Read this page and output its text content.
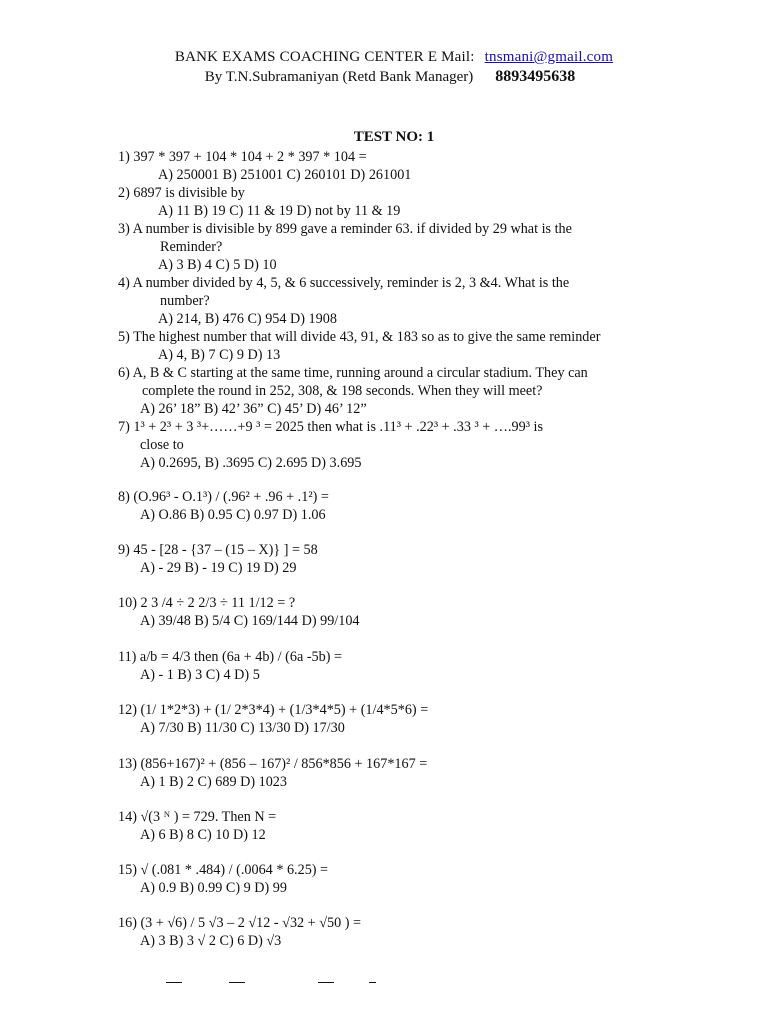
BANK EXAMS COACHING CENTER E Mail: tnsmani@gmail.com
By T.N.Subramaniyan (Retd Bank Manager) 8893495638
TEST NO: 1
1) 397 * 397 + 104 * 104 + 2 * 397 * 104 =
A) 250001 B) 251001 C) 260101 D) 261001
2) 6897 is divisible by
A) 11 B) 19 C) 11 & 19 D) not by 11 & 19
3) A number is divisible by 899 gave a reminder 63. if divided by 29 what is the
Reminder?
A) 3 B) 4 C) 5 D) 10
4) A number divided by 4, 5, & 6 successively, reminder is 2, 3 &4. What is the
number?
A) 214, B) 476 C) 954 D) 1908
5) The highest number that will divide 43, 91, & 183 so as to give the same reminder
A) 4, B) 7 C) 9 D) 13
6) A, B & C starting at the same time, running around a circular stadium. They can
complete the round in 252, 308, & 198 seconds. When they will meet?
A) 26’ 18” B) 42’ 36” C) 45’ D) 46’ 12”
7) 1³ + 2³ + 3 ³+……+9 ³ = 2025 then what is .11³ + .22³ + .33 ³ + ….99³ is
close to
A) 0.2695, B) .3695 C) 2.695 D) 3.695
8) (O.96³ - O.1³) / (.96² + .96 + .1²) =
A) O.86 B) 0.95 C) 0.97 D) 1.06
9) 45 - [28 - {37 – (15 – X)} ] = 58
A) - 29 B) - 19 C) 19 D) 29
10) 2 3 /4 ÷ 2 2/3 ÷ 11 1/12 = ?
A) 39/48 B) 5/4 C) 169/144 D) 99/104
11) a/b = 4/3 then (6a + 4b) / (6a -5b) =
A) - 1 B) 3 C) 4 D) 5
12) (1/ 1*2*3) + (1/ 2*3*4) + (1/3*4*5) + (1/4*5*6) =
A) 7/30 B) 11/30 C) 13/30 D) 17/30
13) (856+167)² + (856 – 167)² / 856*856 + 167*167 =
A) 1 B) 2 C) 689 D) 1023
14) √(3 ᴺ ) = 729. Then N =
A) 6 B) 8 C) 10 D) 12
15) √ (.081 * .484) / (.0064 * 6.25) =
A) 0.9 B) 0.99 C) 9 D) 99
16) (3 + √6) / 5 √3 – 2 √12 - √32 + √50 ) =
A) 3 B) 3 √ 2 C) 6 D) √3
